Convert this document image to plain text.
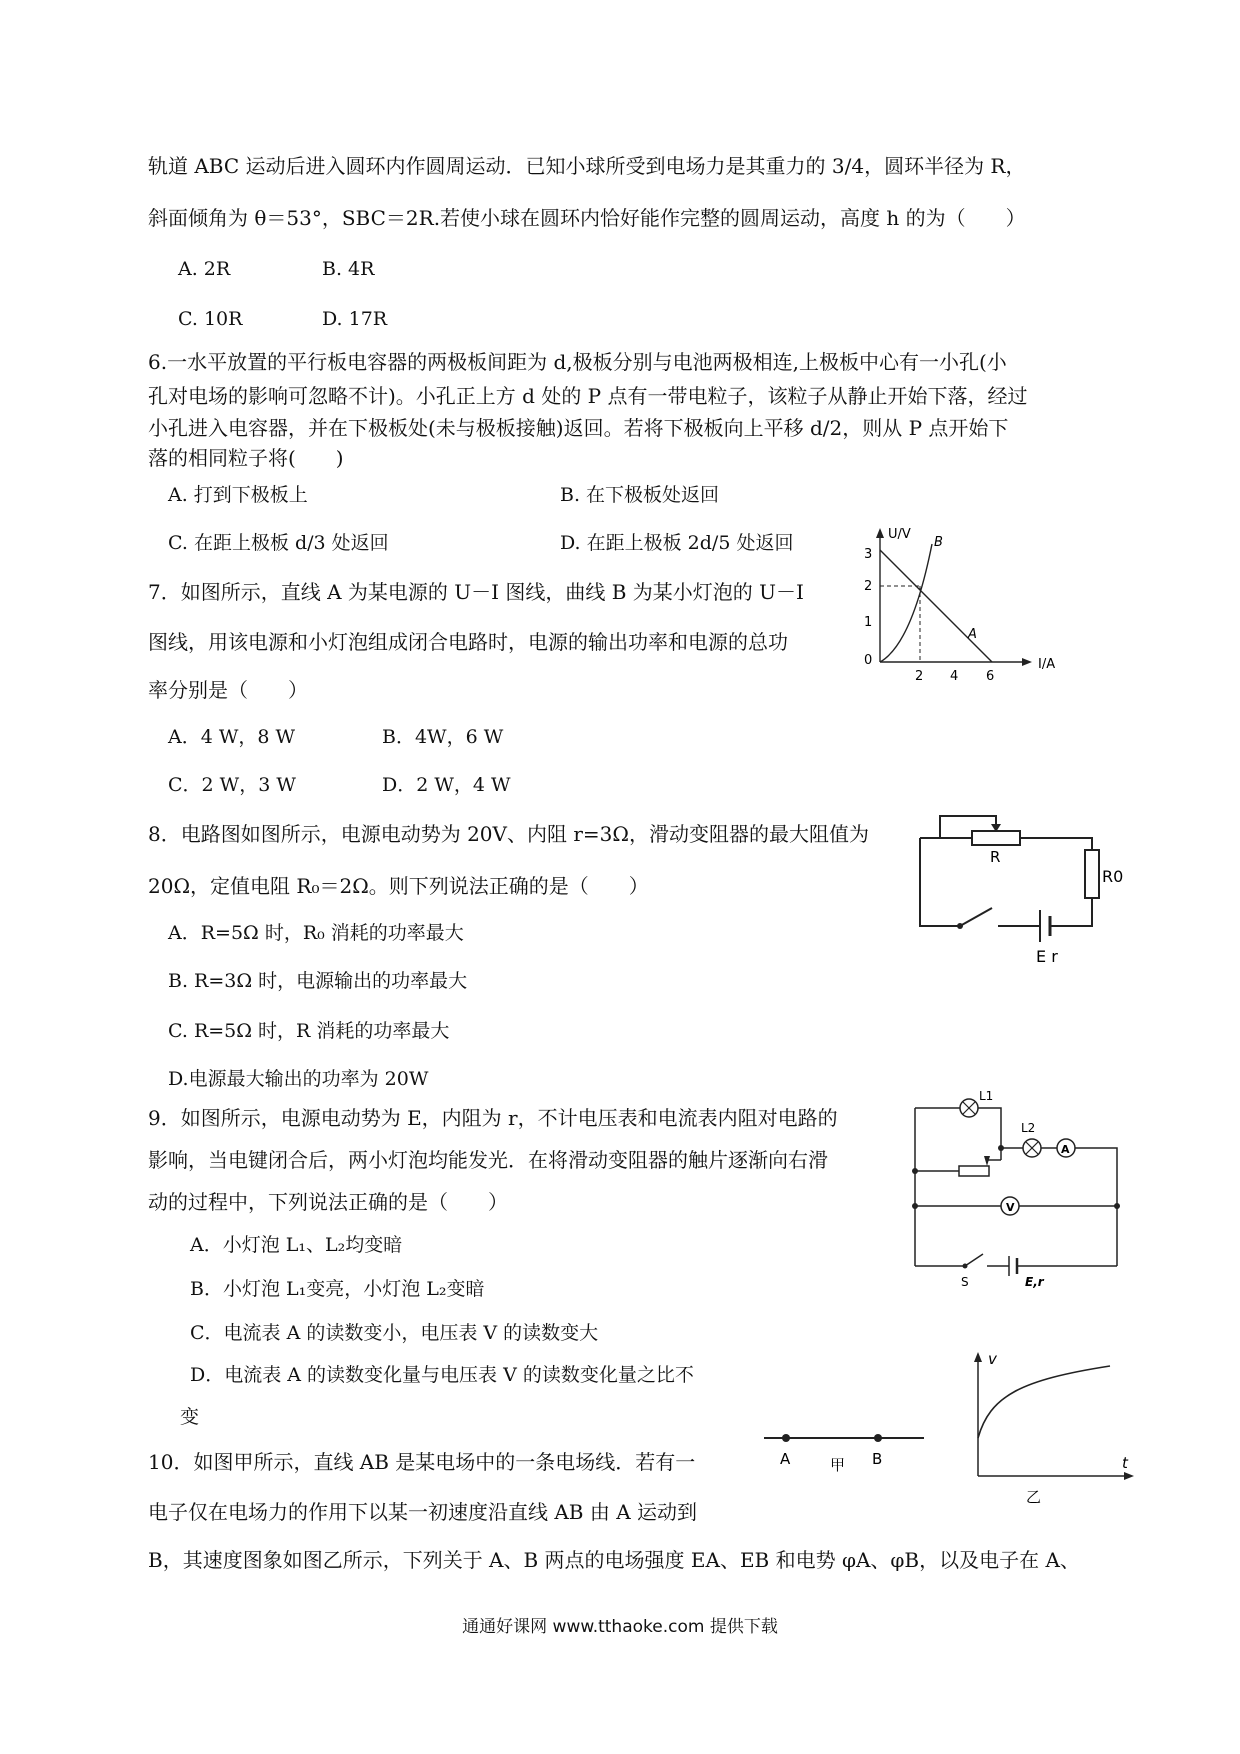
轨道 ABC 运动后进入圆环内作圆周运动．已知小球所受到电场力是其重力的 3/4，圆环半径为 R，
斜面倾角为 θ＝53°，SBC＝2R.若使小球在圆环内恰好能作完整的圆周运动，高度 h 的为（　　）
A. 2R	B. 4R
C. 10R	D. 17R
6.一水平放置的平行板电容器的两极板间距为 d,极板分别与电池两极相连,上极板中心有一小孔(小
孔对电场的影响可忽略不计)。小孔正上方 d 处的 P 点有一带电粒子，该粒子从静止开始下落，经过
小孔进入电容器，并在下极板处(未与极板接触)返回。若将下极板向上平移 d/2，则从 P 点开始下
落的相同粒子将(　　)
A. 打到下极板上	B. 在下极板处返回
C. 在距上极板 d/3 处返回	D. 在距上极板 2d/5 处返回
7．如图所示，直线 A 为某电源的 U－I 图线，曲线 B 为某小灯泡的 U－I
图线，用该电源和小灯泡组成闭合电路时，电源的输出功率和电源的总功
率分别是（　　）
A．4 W，8 W	B．4W，6 W
C．2 W，3 W	D．2 W，4 W
U/V
I/A
3
2
1
0
2 4 6
A
B
8．电路图如图所示，电源电动势为 20V、内阻 r=3Ω，滑动变阻器的最大阻值为
20Ω，定值电阻 R₀＝2Ω。则下列说法正确的是（　　）
A．R=5Ω 时，R₀ 消耗的功率最大
B. R=3Ω 时，电源输出的功率最大
C. R=5Ω 时，R 消耗的功率最大
D.电源最大输出的功率为 20W
R
R0
E r
9．如图所示，电源电动势为 E，内阻为 r，不计电压表和电流表内阻对电路的
影响，当电键闭合后，两小灯泡均能发光．在将滑动变阻器的触片逐渐向右滑
动的过程中，下列说法正确的是（　　）
A．小灯泡 L₁、L₂均变暗
B．小灯泡 L₁变亮，小灯泡 L₂变暗
C．电流表 A 的读数变小，电压表 V 的读数变大
D．电流表 A 的读数变化量与电压表 V 的读数变化量之比不
变
L1
L2
A
V
S	E,r
10．如图甲所示，直线 AB 是某电场中的一条电场线．若有一
电子仅在电场力的作用下以某一初速度沿直线 AB 由 A 运动到
B，其速度图象如图乙所示，下列关于 A、B 两点的电场强度 EA、EB 和电势 φA、φB，以及电子在 A、
A	B
甲
v
t
乙
通通好课网 www.tthaoke.com 提供下载
